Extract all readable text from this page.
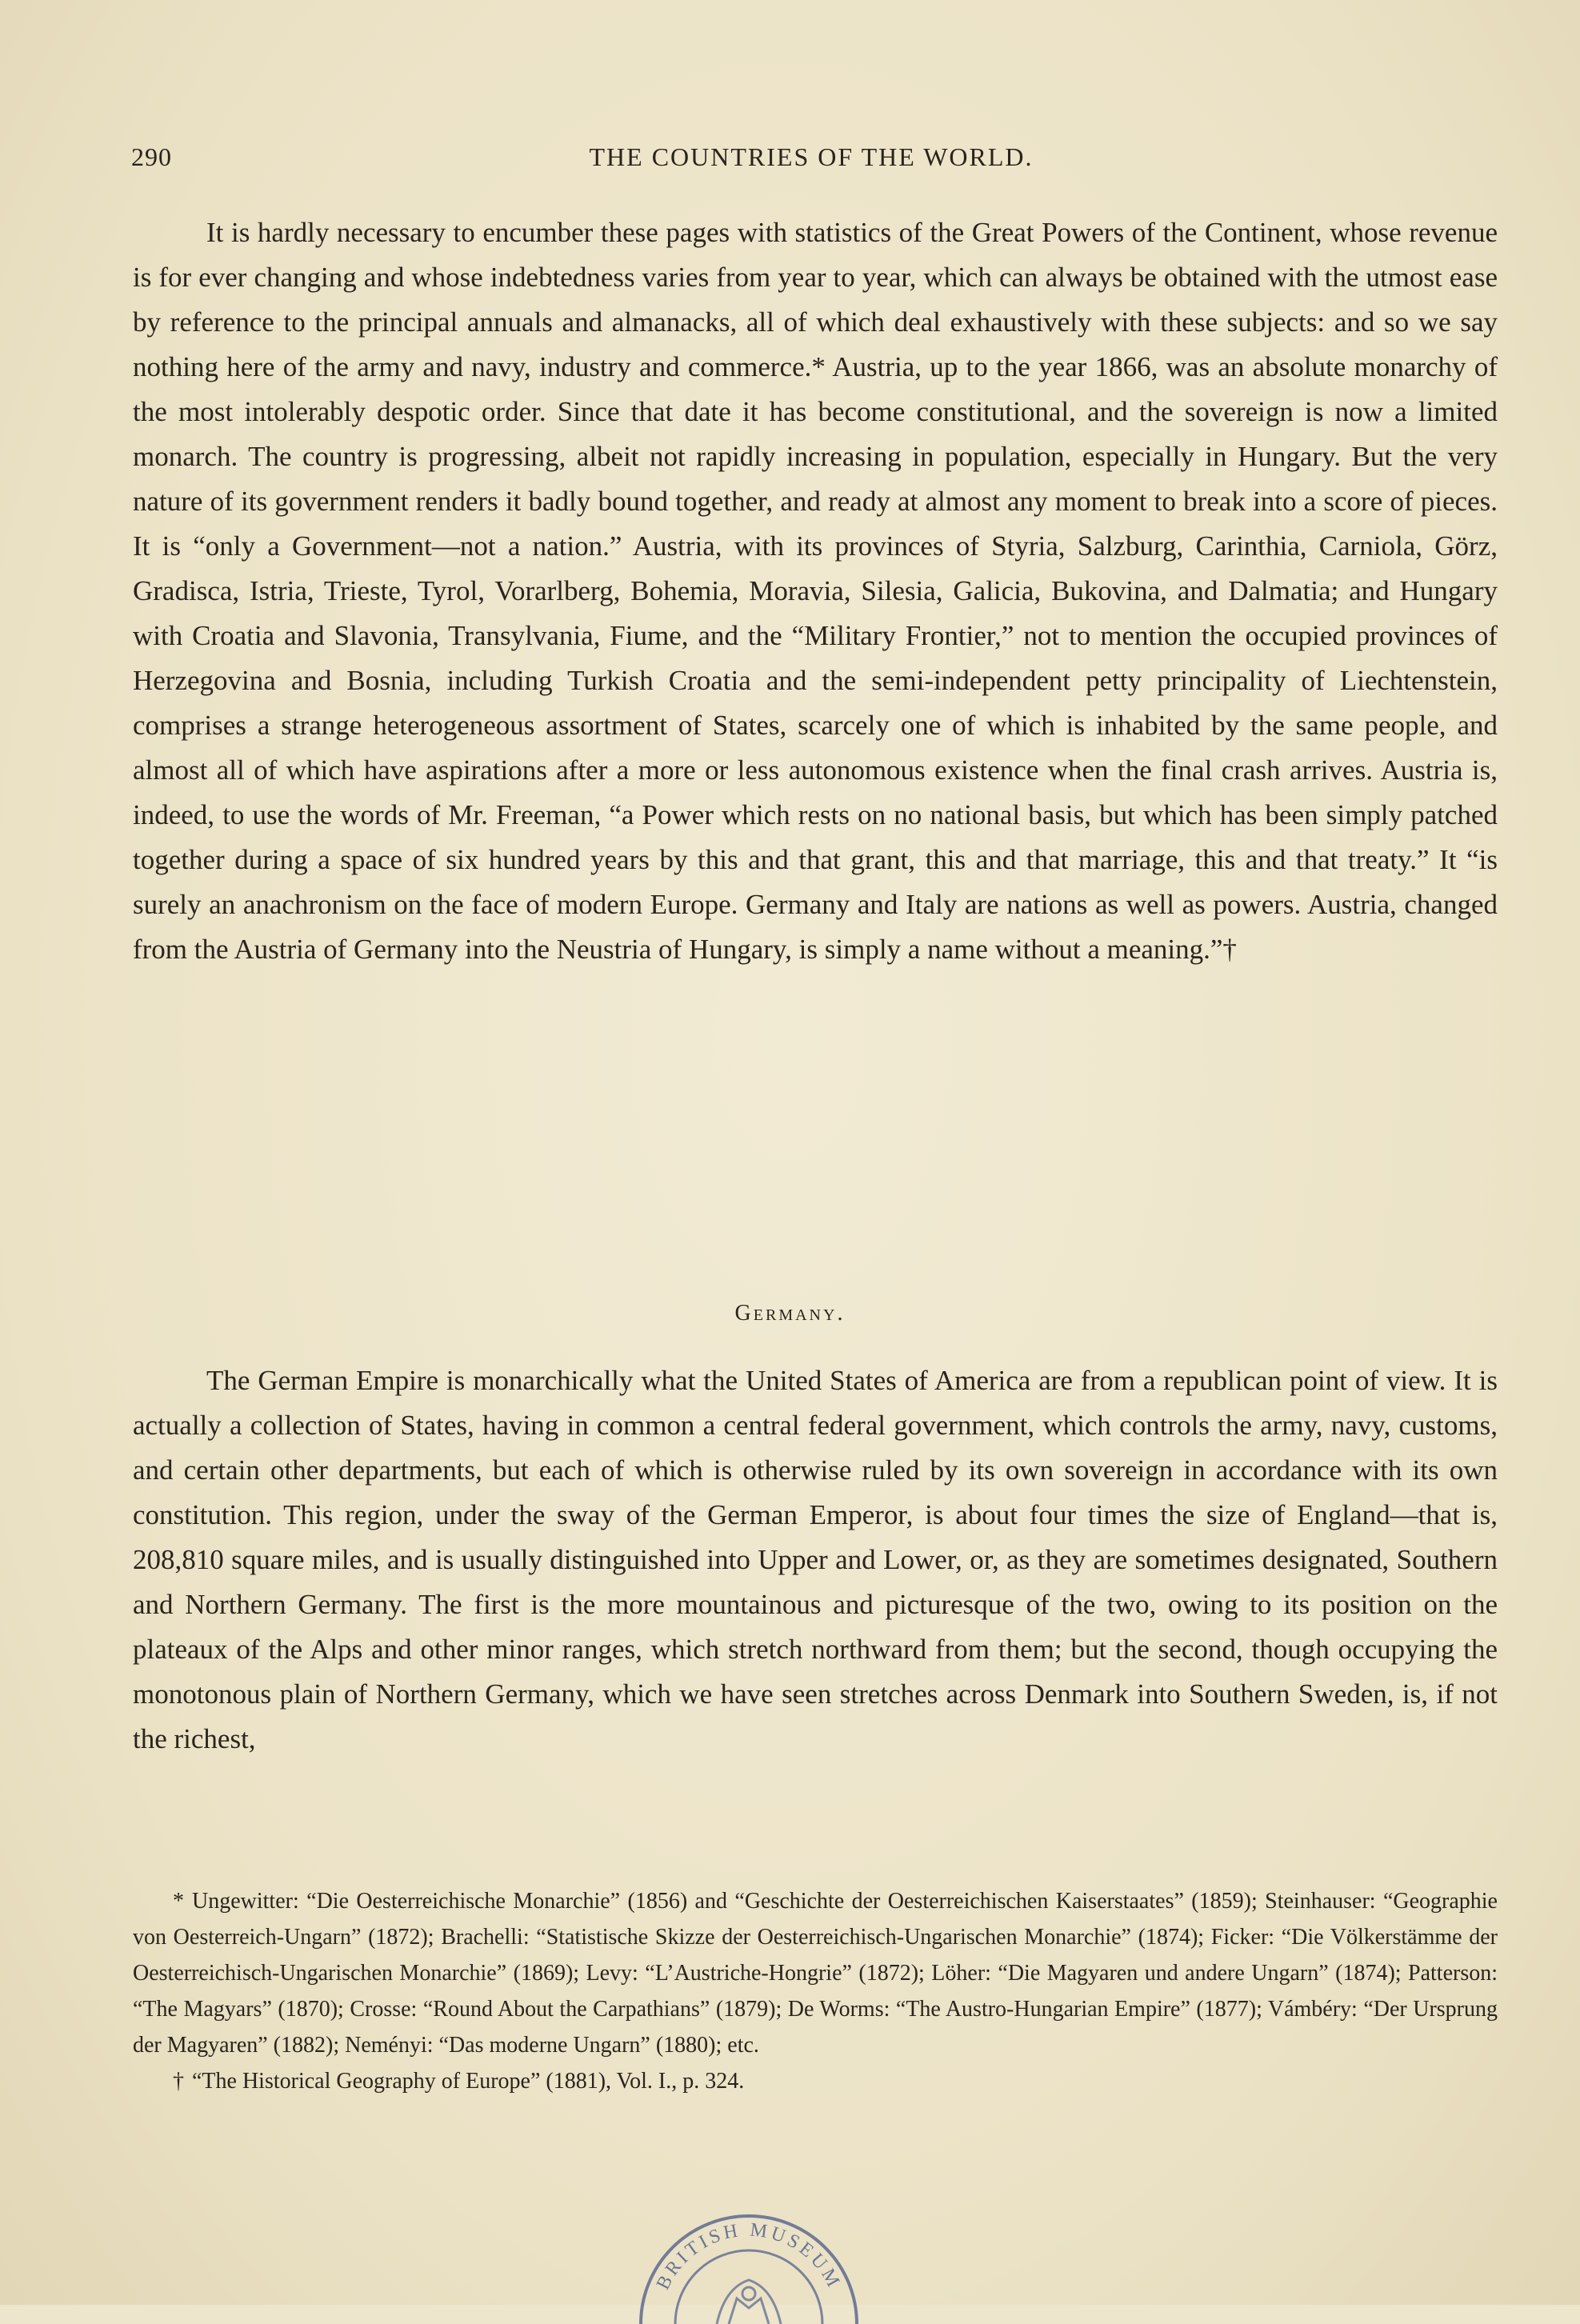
290	THE COUNTRIES OF THE WORLD.

It is hardly necessary to encumber these pages with statistics of the Great Powers of the Continent, whose revenue is for ever changing and whose indebtedness varies from year to year, which can always be obtained with the utmost ease by reference to the principal annuals and almanacks, all of which deal exhaustively with these subjects: and so we say nothing here of the army and navy, industry and commerce.* Austria, up to the year 1866, was an absolute monarchy of the most intolerably despotic order. Since that date it has become constitutional, and the sovereign is now a limited monarch. The country is progressing, albeit not rapidly increasing in population, especially in Hungary. But the very nature of its government renders it badly bound together, and ready at almost any moment to break into a score of pieces. It is “only a Government—not a nation.” Austria, with its provinces of Styria, Salzburg, Carinthia, Carniola, Görz, Gradisca, Istria, Trieste, Tyrol, Vorarlberg, Bohemia, Moravia, Silesia, Galicia, Bukovina, and Dalmatia; and Hungary with Croatia and Slavonia, Transylvania, Fiume, and the “Military Frontier,” not to mention the occupied provinces of Herzegovina and Bosnia, including Turkish Croatia and the semi-independent petty principality of Liechtenstein, comprises a strange heterogeneous assortment of States, scarcely one of which is inhabited by the same people, and almost all of which have aspirations after a more or less autonomous existence when the final crash arrives. Austria is, indeed, to use the words of Mr. Freeman, “a Power which rests on no national basis, but which has been simply patched together during a space of six hundred years by this and that grant, this and that marriage, this and that treaty.” It “is surely an anachronism on the face of modern Europe. Germany and Italy are nations as well as powers. Austria, changed from the Austria of Germany into the Neustria of Hungary, is simply a name without a meaning.”†

Germany.

The German Empire is monarchically what the United States of America are from a republican point of view. It is actually a collection of States, having in common a central federal government, which controls the army, navy, customs, and certain other departments, but each of which is otherwise ruled by its own sovereign in accordance with its own constitution. This region, under the sway of the German Emperor, is about four times the size of England—that is, 208,810 square miles, and is usually distinguished into Upper and Lower, or, as they are sometimes designated, Southern and Northern Germany. The first is the more mountainous and picturesque of the two, owing to its position on the plateaux of the Alps and other minor ranges, which stretch northward from them; but the second, though occupying the monotonous plain of Northern Germany, which we have seen stretches across Denmark into Southern Sweden, is, if not the richest,

* Ungewitter: “Die Oesterreichische Monarchie” (1856) and “Geschichte der Oesterreichischen Kaiserstaates” (1859); Steinhauser: “Geographie von Oesterreich-Ungarn” (1872); Brachelli: “Statistische Skizze der Oesterreichisch-Ungarischen Monarchie” (1874); Ficker: “Die Völkerstämme der Oesterreichisch-Ungarischen Monarchie” (1869); Levy: “L’Austriche-Hongrie” (1872); Löher: “Die Magyaren und andere Ungarn” (1874); Patterson: “The Magyars” (1870); Crosse: “Round About the Carpathians” (1879); De Worms: “The Austro-Hungarian Empire” (1877); Vámbéry: “Der Ursprung der Magyaren” (1882); Neményi: “Das moderne Ungarn” (1880); etc.

† “The Historical Geography of Europe” (1881), Vol. I., p. 324.

BRITISH MUSEUM
